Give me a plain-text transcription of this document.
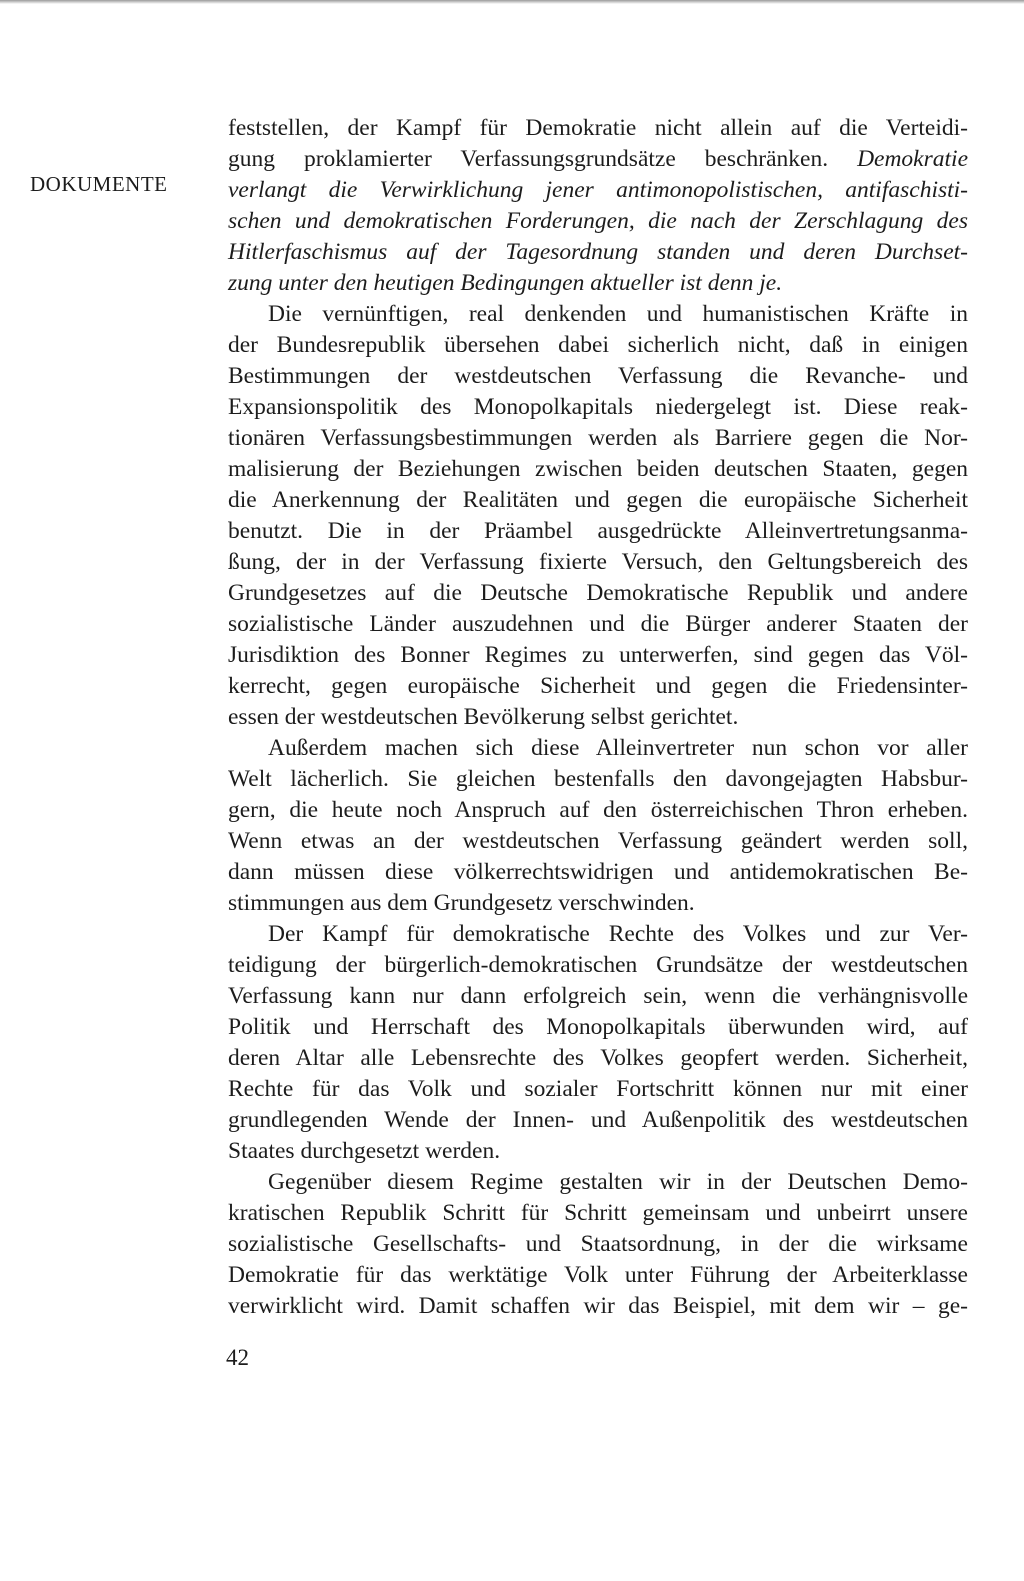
DOKUMENTE
feststellen, der Kampf für Demokratie nicht allein auf die Verteidi-
gung proklamierter Verfassungsgrundsätze beschränken. Demokratie
verlangt die Verwirklichung jener antimonopolistischen, antifaschisti-
schen und demokratischen Forderungen, die nach der Zerschlagung des
Hitlerfaschismus auf der Tagesordnung standen und deren Durchset-
zung unter den heutigen Bedingungen aktueller ist denn je.
Die vernünftigen, real denkenden und humanistischen Kräfte in
der Bundesrepublik übersehen dabei sicherlich nicht, daß in einigen
Bestimmungen der westdeutschen Verfassung die Revanche- und
Expansionspolitik des Monopolkapitals niedergelegt ist. Diese reak-
tionären Verfassungsbestimmungen werden als Barriere gegen die Nor-
malisierung der Beziehungen zwischen beiden deutschen Staaten, gegen
die Anerkennung der Realitäten und gegen die europäische Sicherheit
benutzt. Die in der Präambel ausgedrückte Alleinvertretungsanma-
ßung, der in der Verfassung fixierte Versuch, den Geltungsbereich des
Grundgesetzes auf die Deutsche Demokratische Republik und andere
sozialistische Länder auszudehnen und die Bürger anderer Staaten der
Jurisdiktion des Bonner Regimes zu unterwerfen, sind gegen das Völ-
kerrecht, gegen europäische Sicherheit und gegen die Friedensinter-
essen der westdeutschen Bevölkerung selbst gerichtet.
Außerdem machen sich diese Alleinvertreter nun schon vor aller
Welt lächerlich. Sie gleichen bestenfalls den davongejagten Habsbur-
gern, die heute noch Anspruch auf den österreichischen Thron erheben.
Wenn etwas an der westdeutschen Verfassung geändert werden soll,
dann müssen diese völkerrechtswidrigen und antidemokratischen Be-
stimmungen aus dem Grundgesetz verschwinden.
Der Kampf für demokratische Rechte des Volkes und zur Ver-
teidigung der bürgerlich-demokratischen Grundsätze der westdeutschen
Verfassung kann nur dann erfolgreich sein, wenn die verhängnisvolle
Politik und Herrschaft des Monopolkapitals überwunden wird, auf
deren Altar alle Lebensrechte des Volkes geopfert werden. Sicherheit,
Rechte für das Volk und sozialer Fortschritt können nur mit einer
grundlegenden Wende der Innen- und Außenpolitik des westdeutschen
Staates durchgesetzt werden.
Gegenüber diesem Regime gestalten wir in der Deutschen Demo-
kratischen Republik Schritt für Schritt gemeinsam und unbeirrt unsere
sozialistische Gesellschafts- und Staatsordnung, in der die wirksame
Demokratie für das werktätige Volk unter Führung der Arbeiterklasse
verwirklicht wird. Damit schaffen wir das Beispiel, mit dem wir – ge-
42
